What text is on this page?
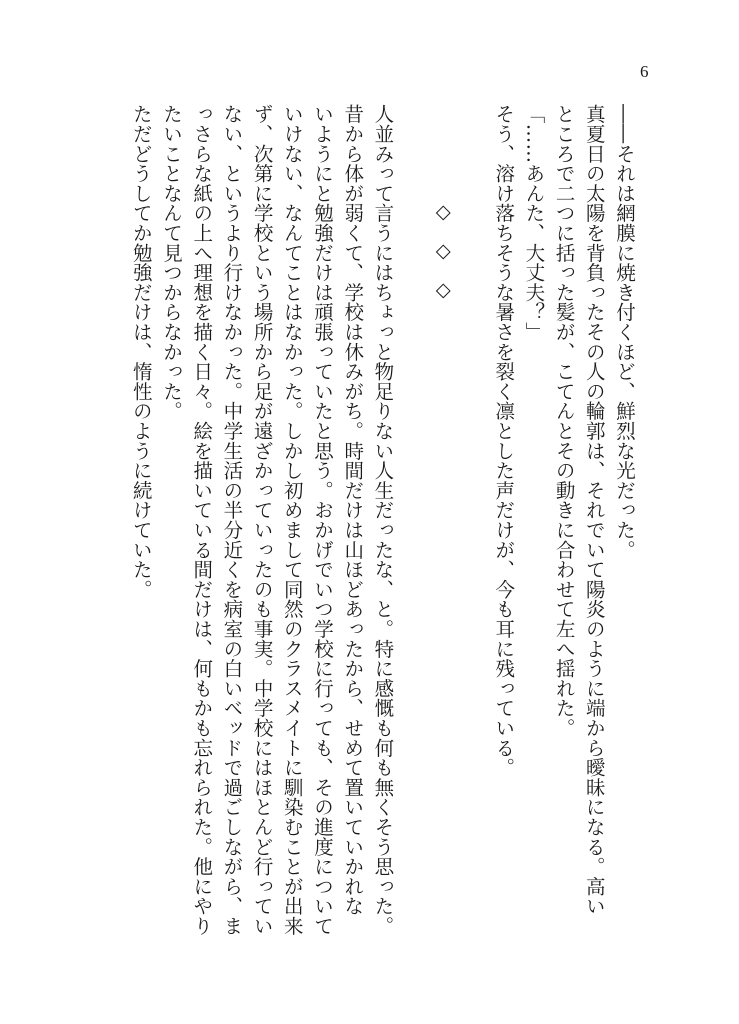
6
――それは網膜に焼き付くほど、鮮烈な光だった。
真夏日の太陽を背負ったその人の輪郭は、それでいて陽炎のように端から曖昧になる。高い
ところで二つに括った髪が、こてんとその動きに合わせて左へ揺れた。
「……あんた、大丈夫？」
そう、溶け落ちそうな暑さを裂く凛とした声だけが、今も耳に残っている。
◇◇◇
人並みって言うにはちょっと物足りない人生だったな、と。特に感慨も何も無くそう思った。
昔から体が弱くて、学校は休みがち。時間だけは山ほどあったから、せめて置いていかれな
いようにと勉強だけは頑張っていたと思う。おかげでいつ学校に行っても、その進度について
いけない、なんてことはなかった。しかし初めまして同然のクラスメイトに馴染むことが出来
ず、次第に学校という場所から足が遠ざかっていったのも事実。中学校にはほとんど行ってい
ない、というより行けなかった。中学生活の半分近くを病室の白いベッドで過ごしながら、ま
っさらな紙の上へ理想を描く日々。絵を描いている間だけは、何もかも忘れられた。他にやり
たいことなんて見つからなかった。
ただどうしてか勉強だけは、惰性のように続けていた。
